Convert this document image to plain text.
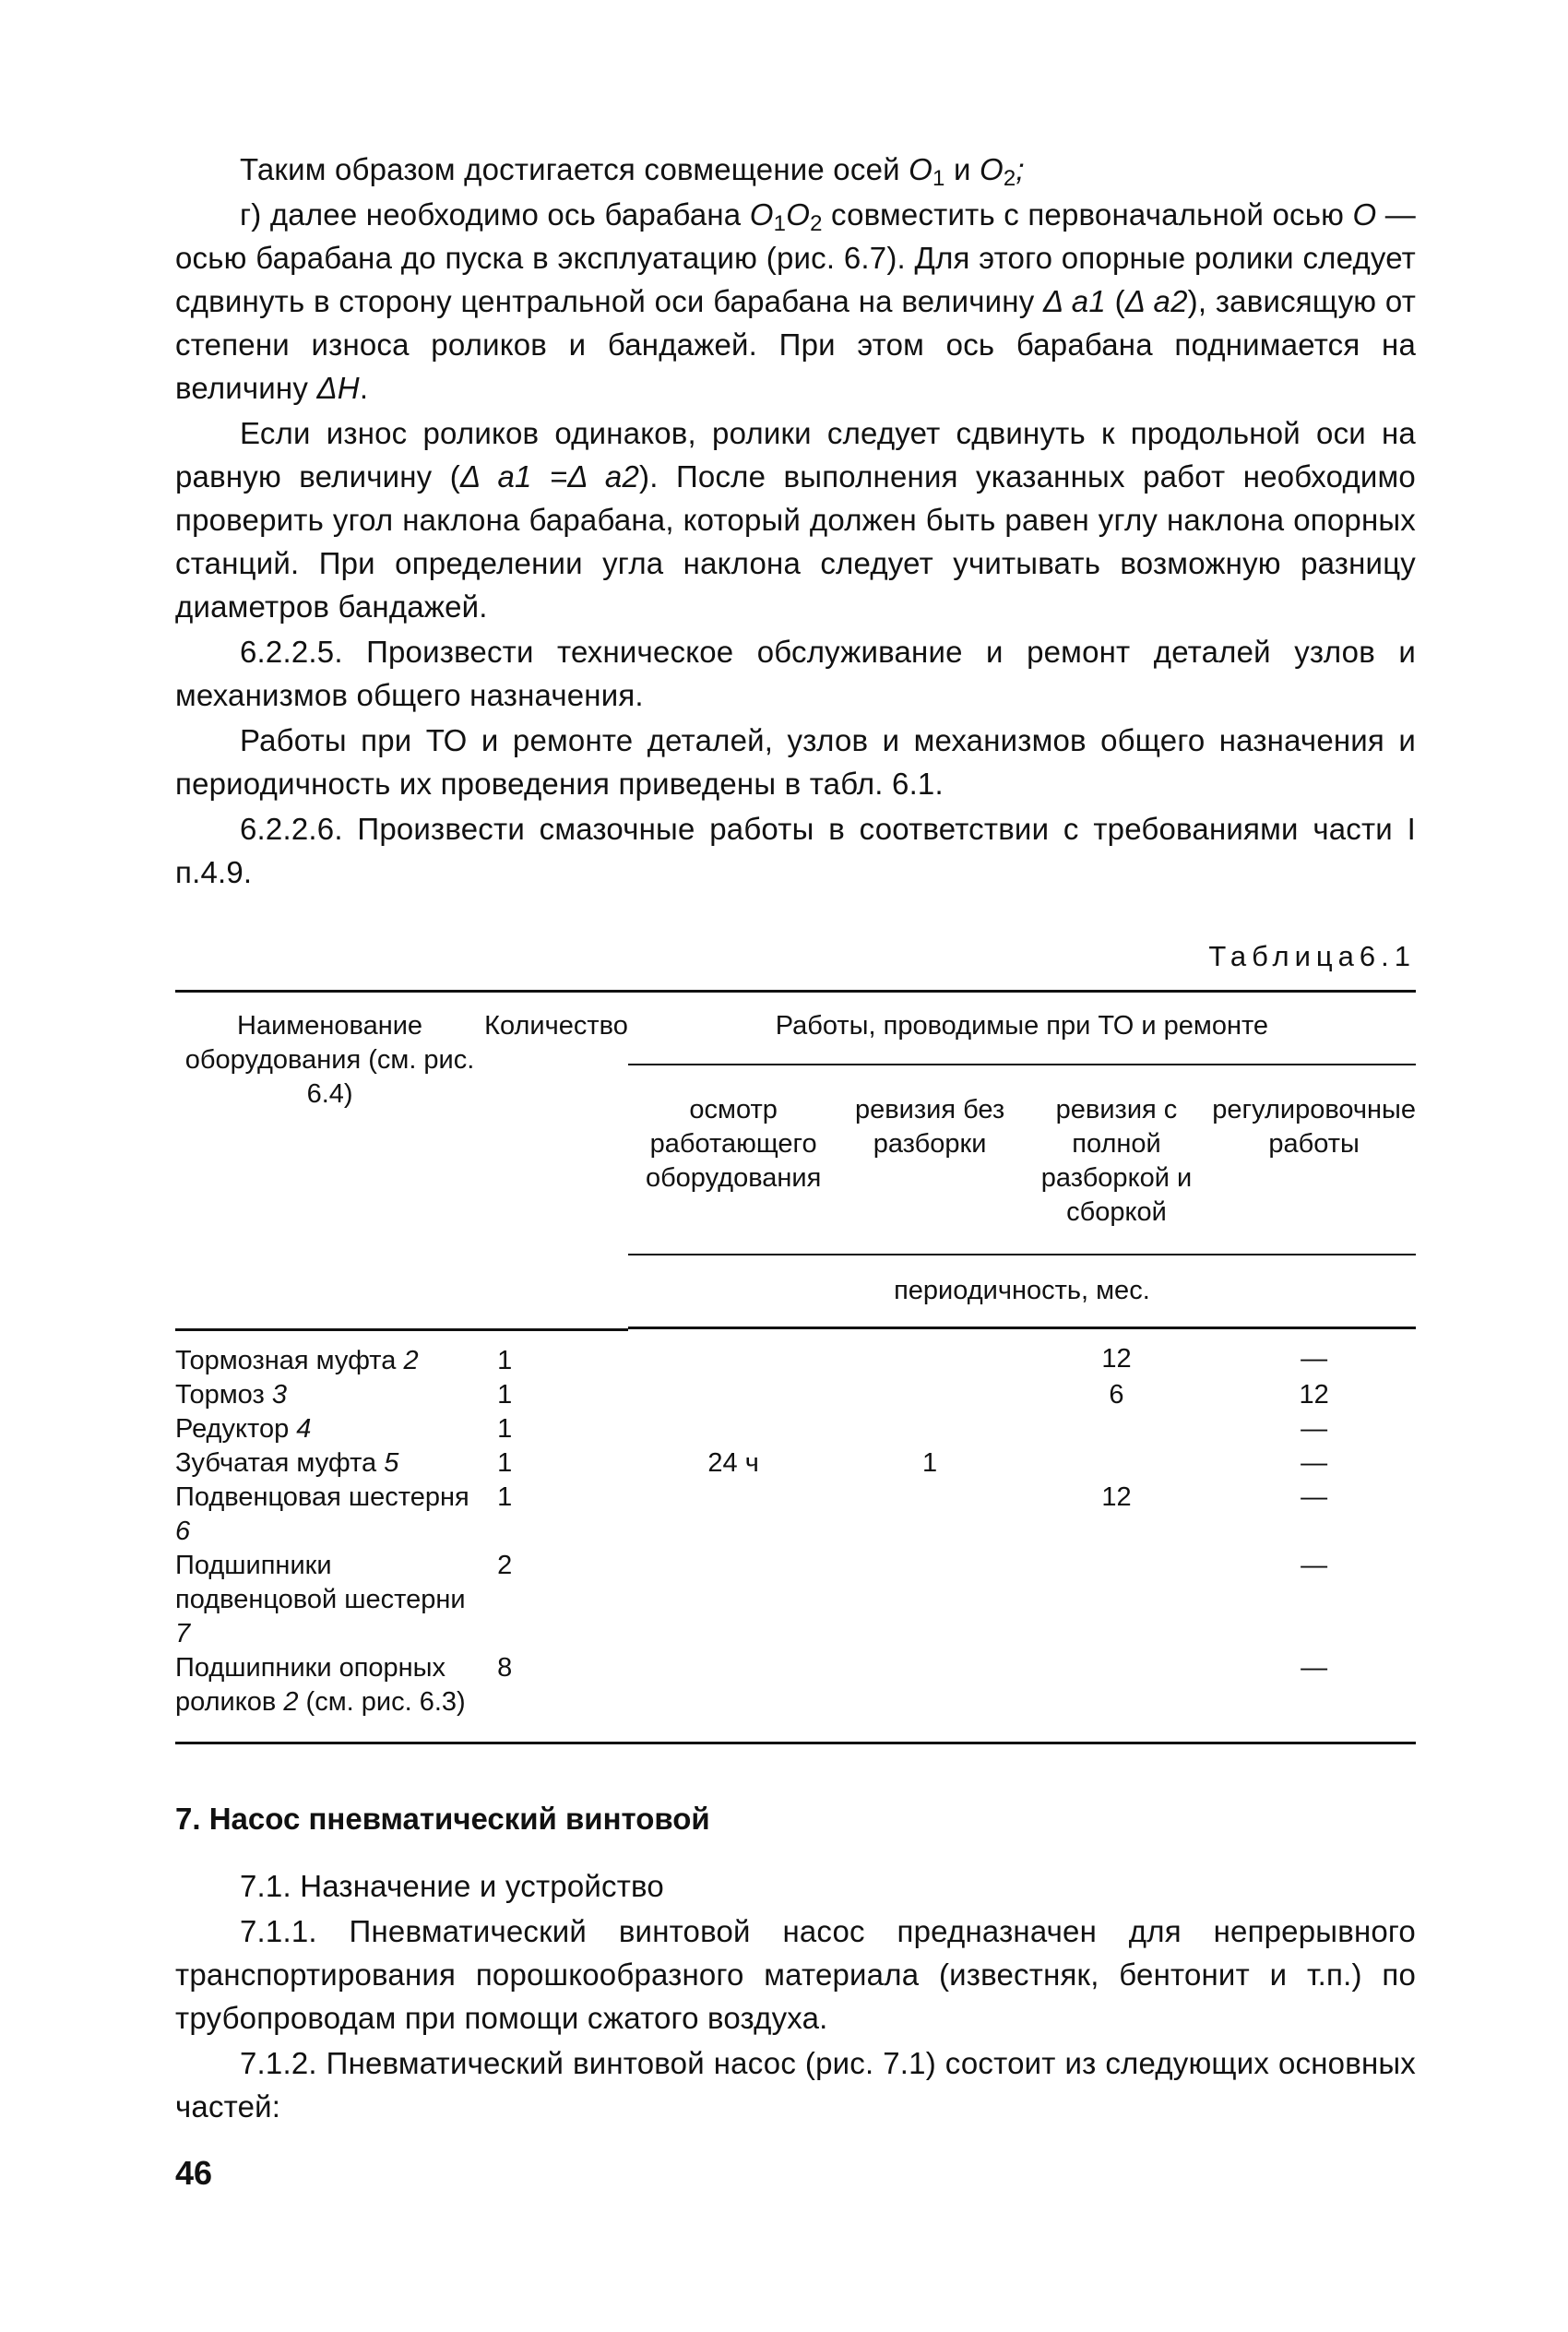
Таким образом достигается совмещение осей $O_1$ и $O_2$;

г) далее необходимо ось барабана $O_1O_2$ совместить с первоначальной осью O — осью барабана до пуска в эксплуатацию (рис. 6.7). Для этого опорные ролики следует сдвинуть в сторону центральной оси барабана на величину Δ a1 (Δ a2), зависящую от степени износа роликов и бандажей. При этом ось барабана поднимается на величину ΔH.

Если износ роликов одинаков, ролики следует сдвинуть к продольной оси на равную величину (Δ a1 =Δ a2). После выполнения указанных работ необходимо проверить угол наклона барабана, который должен быть равен углу наклона опорных станций. При определении угла наклона следует учитывать возможную разницу диаметров бандажей.

6.2.2.5. Произвести техническое обслуживание и ремонт деталей узлов и механизмов общего назначения.

Работы при ТО и ремонте деталей, узлов и механизмов общего назначения и периодичность их проведения приведены в табл. 6.1.

6.2.2.6. Произвести смазочные работы в соответствии с требованиями части I п.4.9.

Таблица6.1
Наименование оборудования (см. рис. 6.4)	Количество	Работы, проводимые при ТО и ремонте			
		осмотр работающего оборудования	ревизия без разборки	ревизия с полной разборкой и сборкой	регулировочные работы
		периодичность, мес.			

Тормозная муфта 2	1			12	—
Тормоз 3	1			6	12
Редуктор 4	1				—
Зубчатая муфта 5	1	24 ч	1		—
Подвенцовая шестерня 6	1			12	—
Подшипники подвенцовой шестерни 7	2				—
Подшипники опорных роликов 2 (см. рис. 6.3)	8				—
7. Насос пневматический винтовой

7.1. Назначение и устройство

7.1.1. Пневматический винтовой насос предназначен для непрерывного транспортирования порошкообразного материала (известняк, бентонит и т.п.) по трубопроводам при помощи сжатого воздуха.

7.1.2. Пневматический винтовой насос (рис. 7.1) состоит из следующих основных частей:

46
